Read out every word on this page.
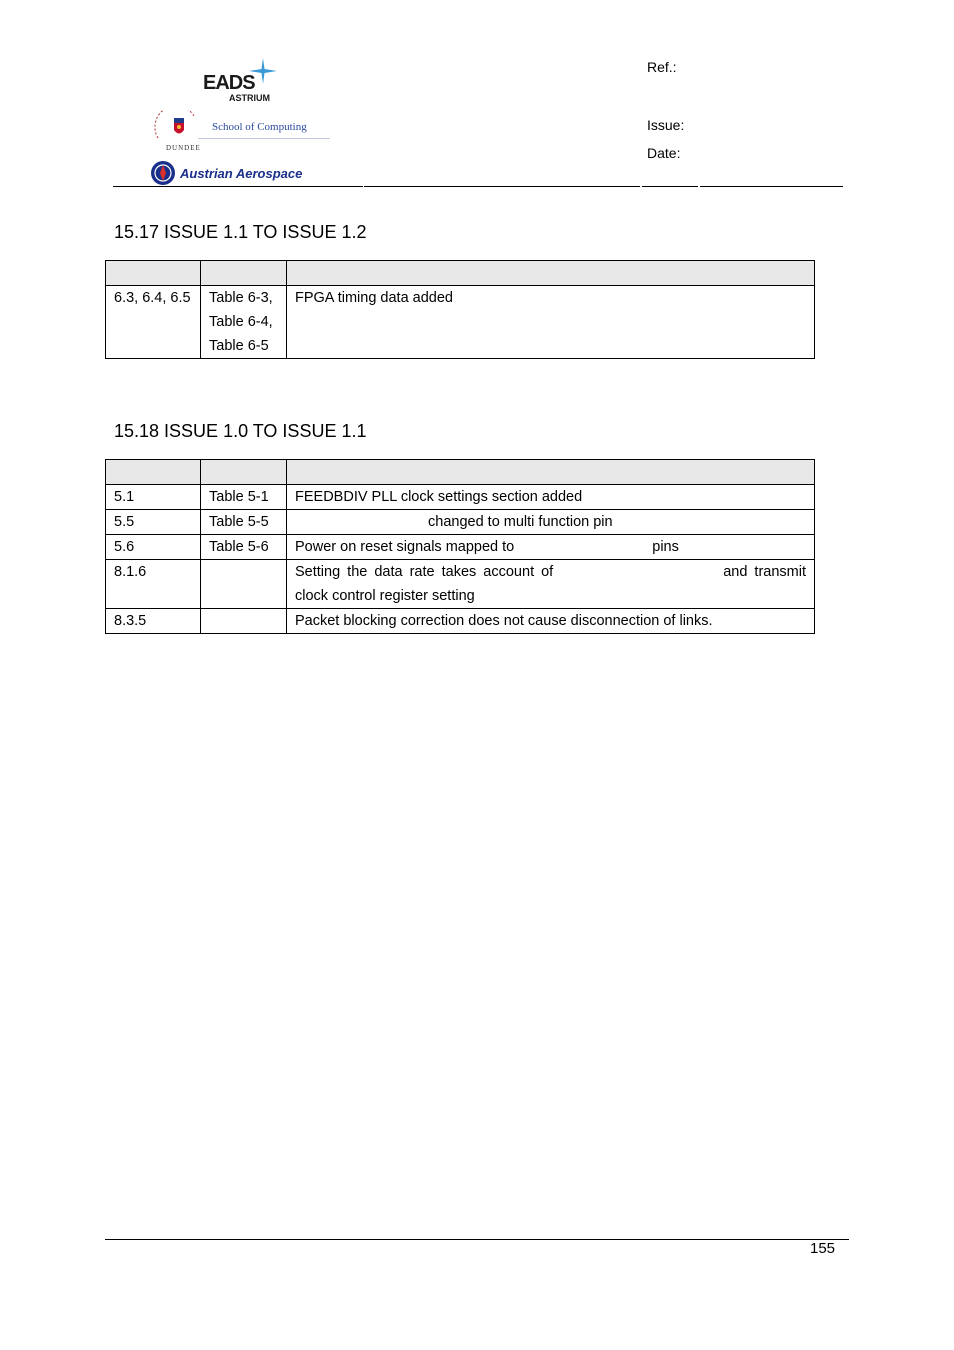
EADS
ASTRIUM
School of Computing
DUNDEE
Austrian Aerospace
Ref.:
Issue:
Date:
15.17 ISSUE 1.1 TO ISSUE 1.2

6.3, 6.4, 6.5	Table 6-3,
Table 6-4,
Table 6-5	FPGA timing data added
15.18 ISSUE 1.0 TO ISSUE 1.1

5.1	Table 5-1	FEEDBDIV PLL clock settings section added
5.5	Table 5-5	changed to multi function pin
5.6	Table 5-6	Power on reset signals mapped to pins
8.1.6		Setting the data rate takes account of and transmit
clock control register setting

8.3.5		Packet blocking correction does not cause disconnection of links.
155
